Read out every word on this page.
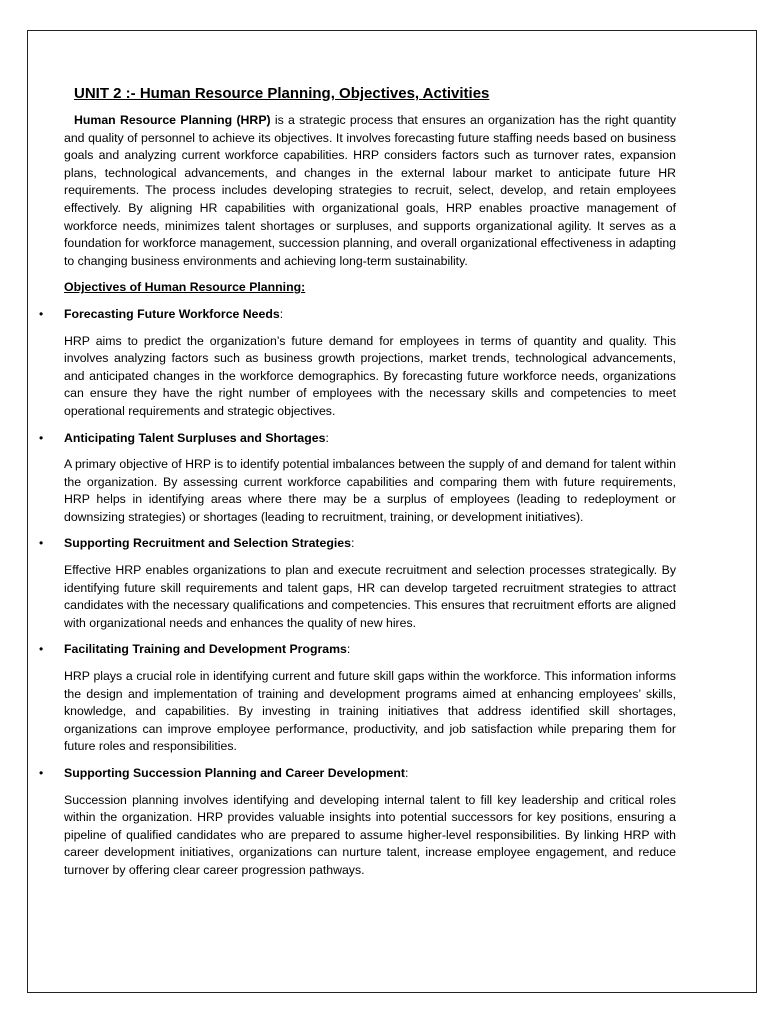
UNIT 2 :- Human Resource Planning, Objectives, Activities

Human Resource Planning (HRP) is a strategic process that ensures an organization has the right quantity and quality of personnel to achieve its objectives. It involves forecasting future staffing needs based on business goals and analyzing current workforce capabilities. HRP considers factors such as turnover rates, expansion plans, technological advancements, and changes in the external labour market to anticipate future HR requirements. The process includes developing strategies to recruit, select, develop, and retain employees effectively. By aligning HR capabilities with organizational goals, HRP enables proactive management of workforce needs, minimizes talent shortages or surpluses, and supports organizational agility. It serves as a foundation for workforce management, succession planning, and overall organizational effectiveness in adapting to changing business environments and achieving long-term sustainability.

Objectives of Human Resource Planning:

• Forecasting Future Workforce Needs:

HRP aims to predict the organization’s future demand for employees in terms of quantity and quality. This involves analyzing factors such as business growth projections, market trends, technological advancements, and anticipated changes in the workforce demographics. By forecasting future workforce needs, organizations can ensure they have the right number of employees with the necessary skills and competencies to meet operational requirements and strategic objectives.

• Anticipating Talent Surpluses and Shortages:

A primary objective of HRP is to identify potential imbalances between the supply of and demand for talent within the organization. By assessing current workforce capabilities and comparing them with future requirements, HRP helps in identifying areas where there may be a surplus of employees (leading to redeployment or downsizing strategies) or shortages (leading to recruitment, training, or development initiatives).

• Supporting Recruitment and Selection Strategies:

Effective HRP enables organizations to plan and execute recruitment and selection processes strategically. By identifying future skill requirements and talent gaps, HR can develop targeted recruitment strategies to attract candidates with the necessary qualifications and competencies. This ensures that recruitment efforts are aligned with organizational needs and enhances the quality of new hires.

• Facilitating Training and Development Programs:

HRP plays a crucial role in identifying current and future skill gaps within the workforce. This information informs the design and implementation of training and development programs aimed at enhancing employees’ skills, knowledge, and capabilities. By investing in training initiatives that address identified skill shortages, organizations can improve employee performance, productivity, and job satisfaction while preparing them for future roles and responsibilities.

• Supporting Succession Planning and Career Development:

Succession planning involves identifying and developing internal talent to fill key leadership and critical roles within the organization. HRP provides valuable insights into potential successors for key positions, ensuring a pipeline of qualified candidates who are prepared to assume higher-level responsibilities. By linking HRP with career development initiatives, organizations can nurture talent, increase employee engagement, and reduce turnover by offering clear career progression pathways.
